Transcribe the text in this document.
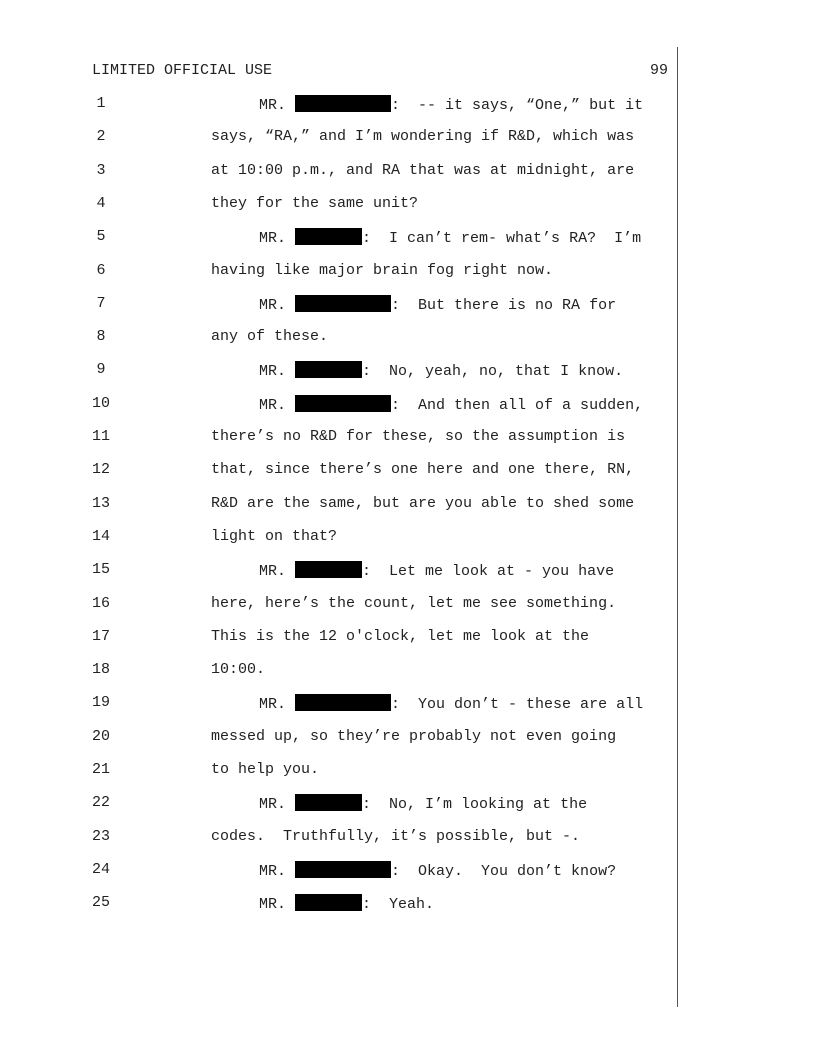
LIMITED OFFICIAL USE	99
1	MR.	:  -- it says, “One,” but it
2	says, “RA,” and I’m wondering if R&D, which was
3	at 10:00 p.m., and RA that was at midnight, are
4	they for the same unit?
5	MR.	:  I can’t rem- what’s RA?  I’m
6	having like major brain fog right now.
7	MR.	:  But there is no RA for
8	any of these.
9	MR.	:  No, yeah, no, that I know.
10	MR.	:  And then all of a sudden,
11	there’s no R&D for these, so the assumption is
12	that, since there’s one here and one there, RN,
13	R&D are the same, but are you able to shed some
14	light on that?
15	MR.	:  Let me look at - you have
16	here, here’s the count, let me see something.
17	This is the 12 o'clock, let me look at the
18	10:00.
19	MR.	:  You don’t - these are all
20	messed up, so they’re probably not even going
21	to help you.
22	MR.	:  No, I’m looking at the
23	codes.  Truthfully, it’s possible, but -.
24	MR.	:  Okay.  You don’t know?
25	MR.	:  Yeah.
